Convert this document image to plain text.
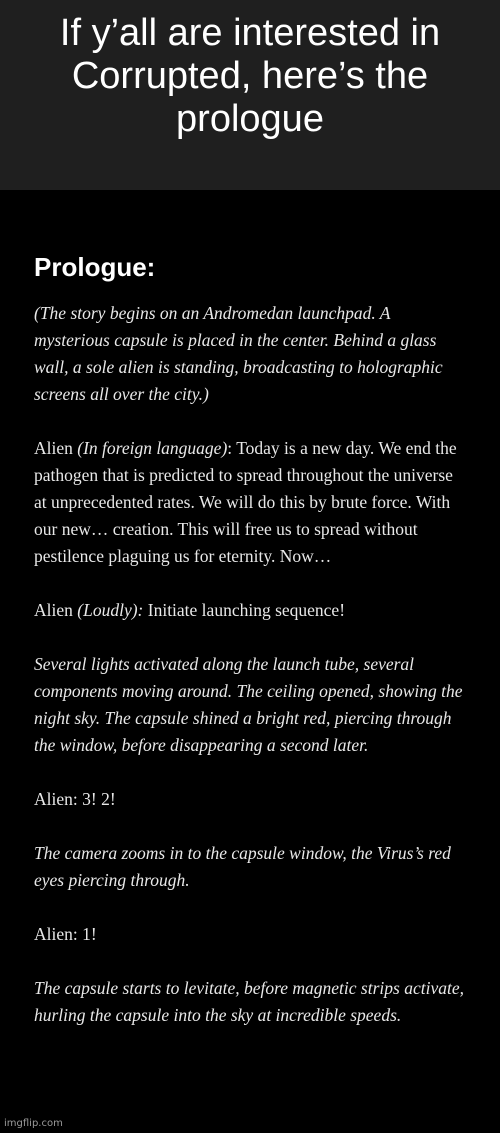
If y’all are interested in Corrupted, here’s the prologue

Prologue:

(The story begins on an Andromedan launchpad. A mysterious capsule is placed in the center. Behind a glass wall, a sole alien is standing, broadcasting to holographic screens all over the city.)

Alien (In foreign language): Today is a new day. We end the pathogen that is predicted to spread throughout the universe at unprecedented rates. We will do this by brute force. With our new… creation. This will free us to spread without pestilence plaguing us for eternity. Now…

Alien (Loudly): Initiate launching sequence!

Several lights activated along the launch tube, several components moving around. The ceiling opened, showing the night sky. The capsule shined a bright red, piercing through the window, before disappearing a second later.

Alien: 3! 2!

The camera zooms in to the capsule window, the Virus’s red eyes piercing through.

Alien: 1!

The capsule starts to levitate, before magnetic strips activate, hurling the capsule into the sky at incredible speeds.

imgflip.com
